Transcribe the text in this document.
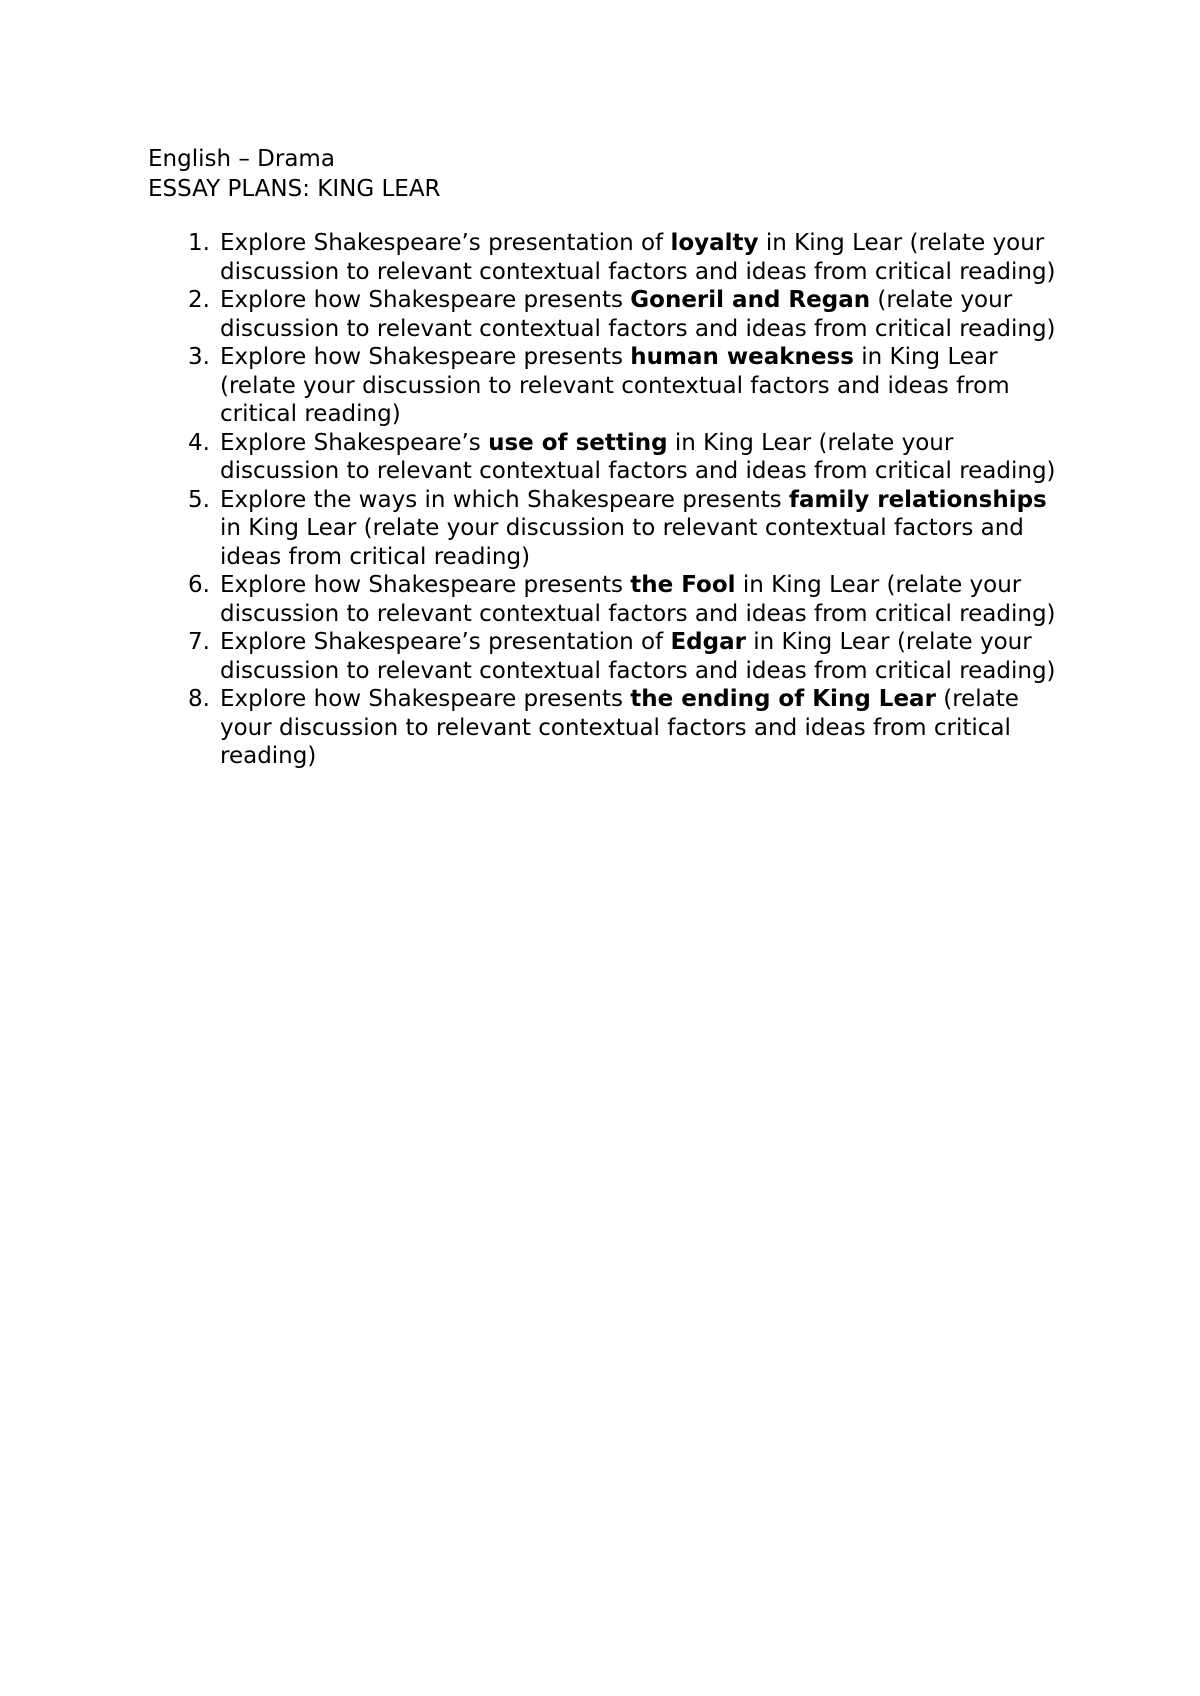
English – Drama
ESSAY PLANS: KING LEAR
1. Explore Shakespeare’s presentation of loyalty in King Lear (relate your discussion to relevant contextual factors and ideas from critical reading)
2. Explore how Shakespeare presents Goneril and Regan (relate your discussion to relevant contextual factors and ideas from critical reading)
3. Explore how Shakespeare presents human weakness in King Lear (relate your discussion to relevant contextual factors and ideas from critical reading)
4. Explore Shakespeare’s use of setting in King Lear (relate your discussion to relevant contextual factors and ideas from critical reading)
5. Explore the ways in which Shakespeare presents family relationships in King Lear (relate your discussion to relevant contextual factors and ideas from critical reading)
6. Explore how Shakespeare presents the Fool in King Lear (relate your discussion to relevant contextual factors and ideas from critical reading)
7. Explore Shakespeare’s presentation of Edgar in King Lear (relate your discussion to relevant contextual factors and ideas from critical reading)
8. Explore how Shakespeare presents the ending of King Lear (relate your discussion to relevant contextual factors and ideas from critical reading)
